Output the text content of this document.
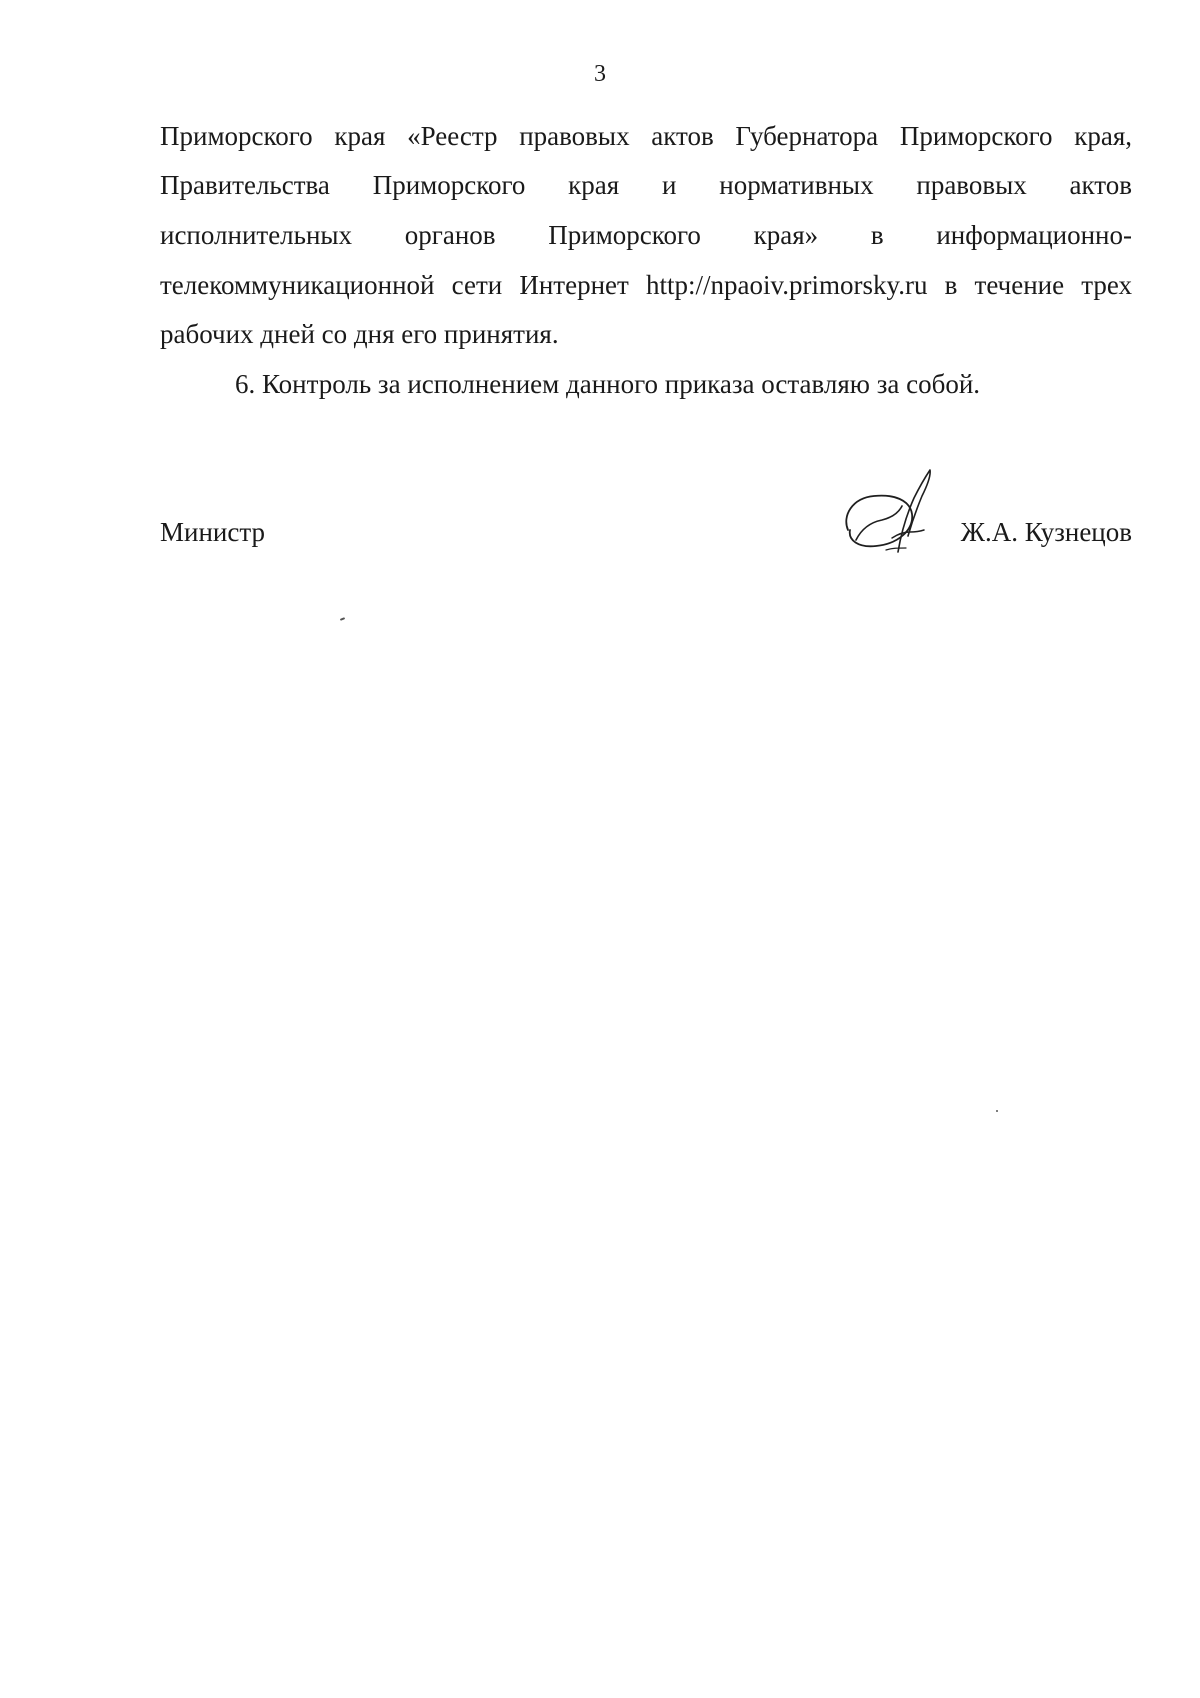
3
Приморского края «Реестр правовых актов Губернатора Приморского края,
Правительства Приморского края и нормативных правовых актов
исполнительных органов Приморского края» в информационно-
телекоммуникационной сети Интернет http://npaoiv.primorsky.ru в течение трех
рабочих дней со дня его принятия.
6. Контроль за исполнением данного приказа оставляю за собой.
Министр	Ж.А. Кузнецов
